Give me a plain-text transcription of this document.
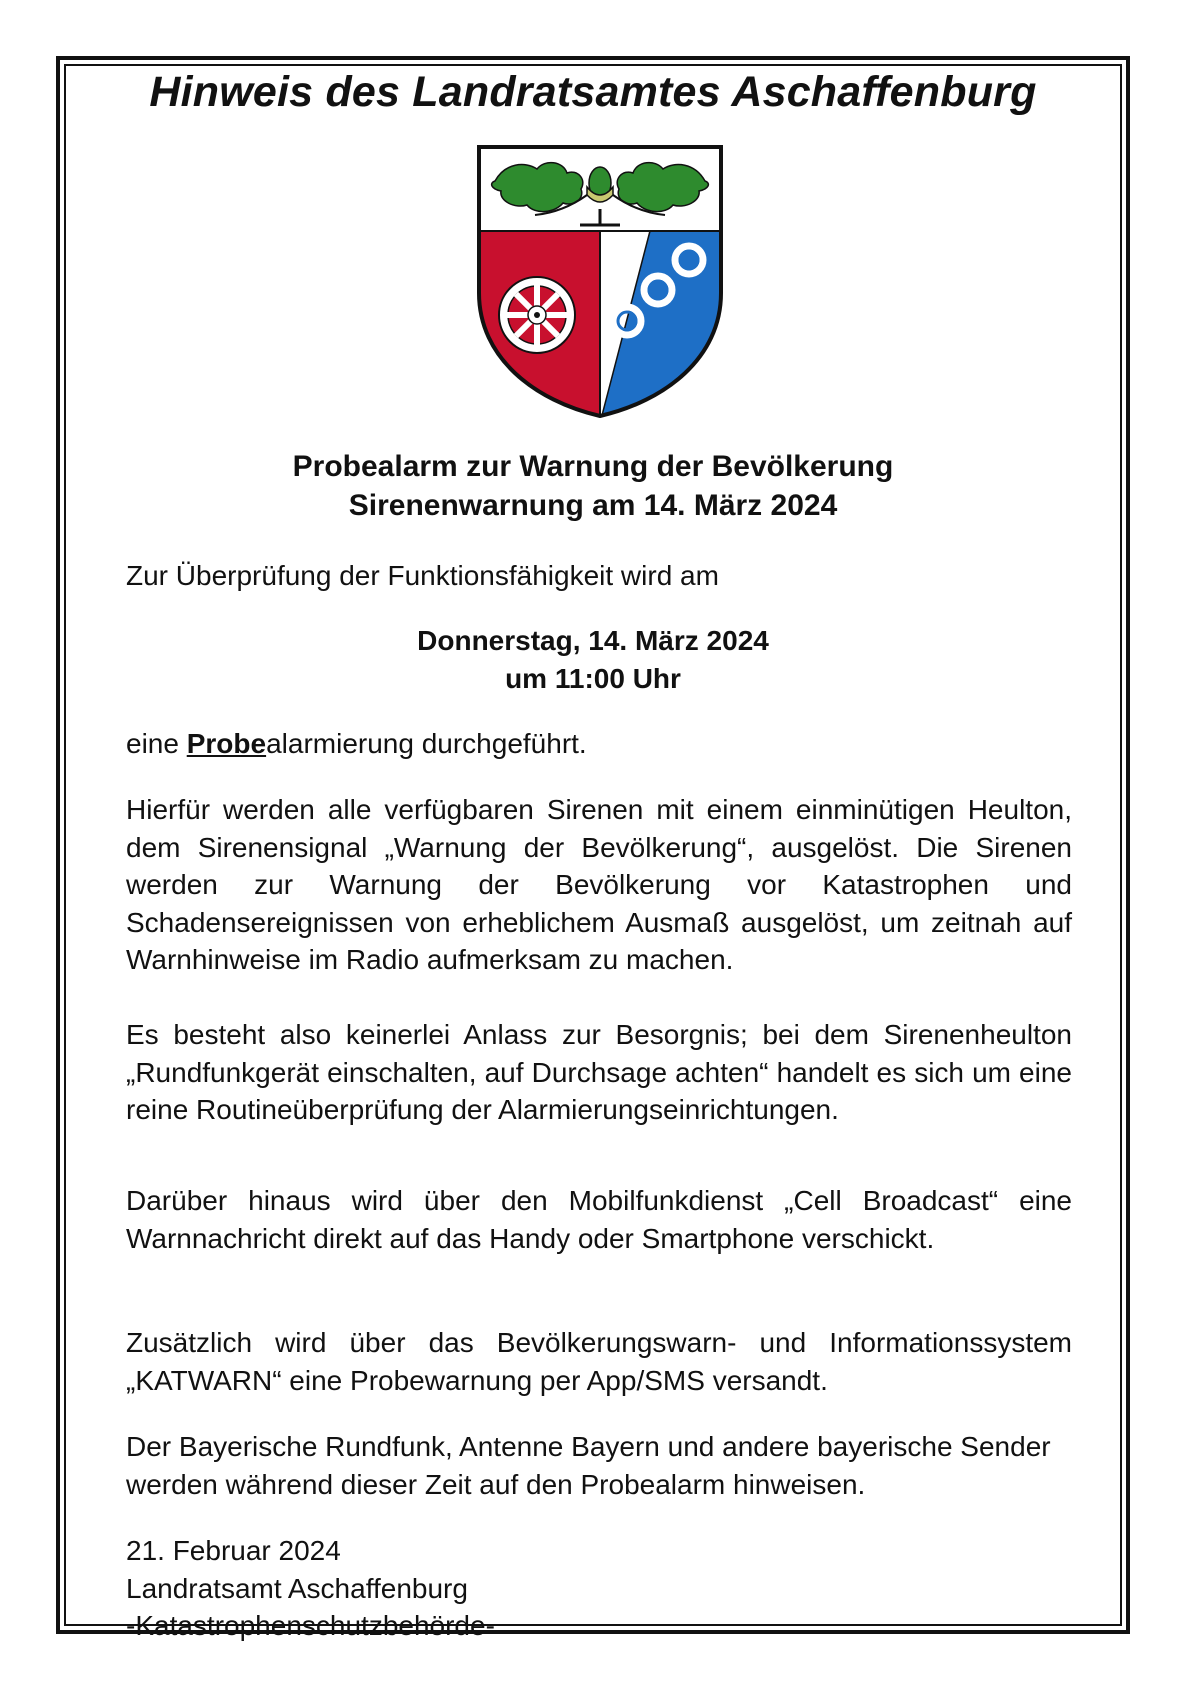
Hinweis des Landratsamtes Aschaffenburg
Probealarm zur Warnung der Bevölkerung
Sirenenwarnung am 14. März 2024

Zur Überprüfung der Funktionsfähigkeit wird am

Donnerstag, 14. März 2024
um 11:00 Uhr

eine Probealarmierung durchgeführt.

Hierfür werden alle verfügbaren Sirenen mit einem einminütigen Heulton, dem Sirenensignal „Warnung der Bevölkerung“, ausgelöst. Die Sirenen werden zur Warnung der Bevölkerung vor Katastrophen und Schadensereignissen von erheblichem Ausmaß ausgelöst, um zeitnah auf Warnhinweise im Radio aufmerksam zu machen.

Es besteht also keinerlei Anlass zur Besorgnis; bei dem Sirenenheulton „Rundfunkgerät einschalten, auf Durchsage achten“ handelt es sich um eine reine Routineüberprüfung der Alarmierungseinrichtungen.

Darüber hinaus wird über den Mobilfunkdienst „Cell Broadcast“ eine Warnnachricht direkt auf das Handy oder Smartphone verschickt.

Zusätzlich wird über das Bevölkerungswarn- und Informationssystem „KATWARN“ eine Probewarnung per App/SMS versandt.

Der Bayerische Rundfunk, Antenne Bayern und andere bayerische Sender werden während dieser Zeit auf den Probealarm hinweisen.

21. Februar 2024
Landratsamt Aschaffenburg
-Katastrophenschutzbehörde-
